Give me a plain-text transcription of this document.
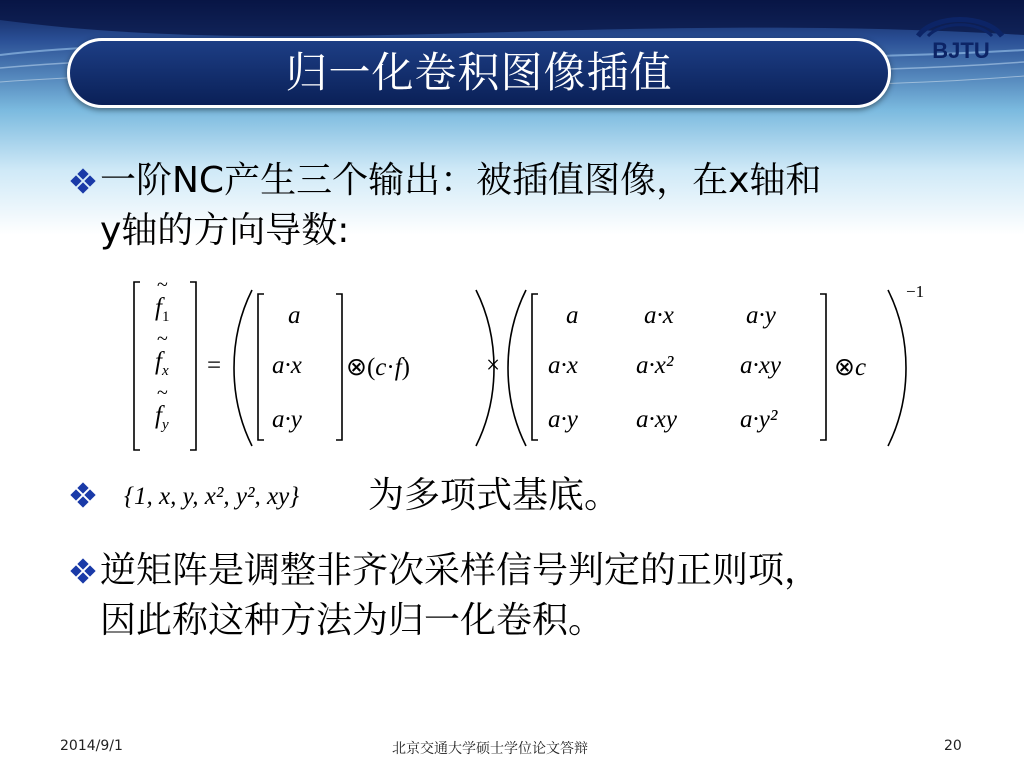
归一化卷积图像插值	BJTU
一阶NC产生三个输出：被插值图像，在x轴和
y轴的方向导数:
~
$f_1$
~
$f_x$
~
$f_y$
=
a
a·x
a·y
⊗(c·f)	×
a	a·x	a·y
a·x a·x²	a·xy
a·y a·xy	a·y²
⊗c
−1
{1, x, y, x², y², xy} 为多项式基底。
逆矩阵是调整非齐次采样信号判定的正则项，
因此称这种方法为归一化卷积。
2014/9/1	北京交通大学硕士学位论文答辩	20
